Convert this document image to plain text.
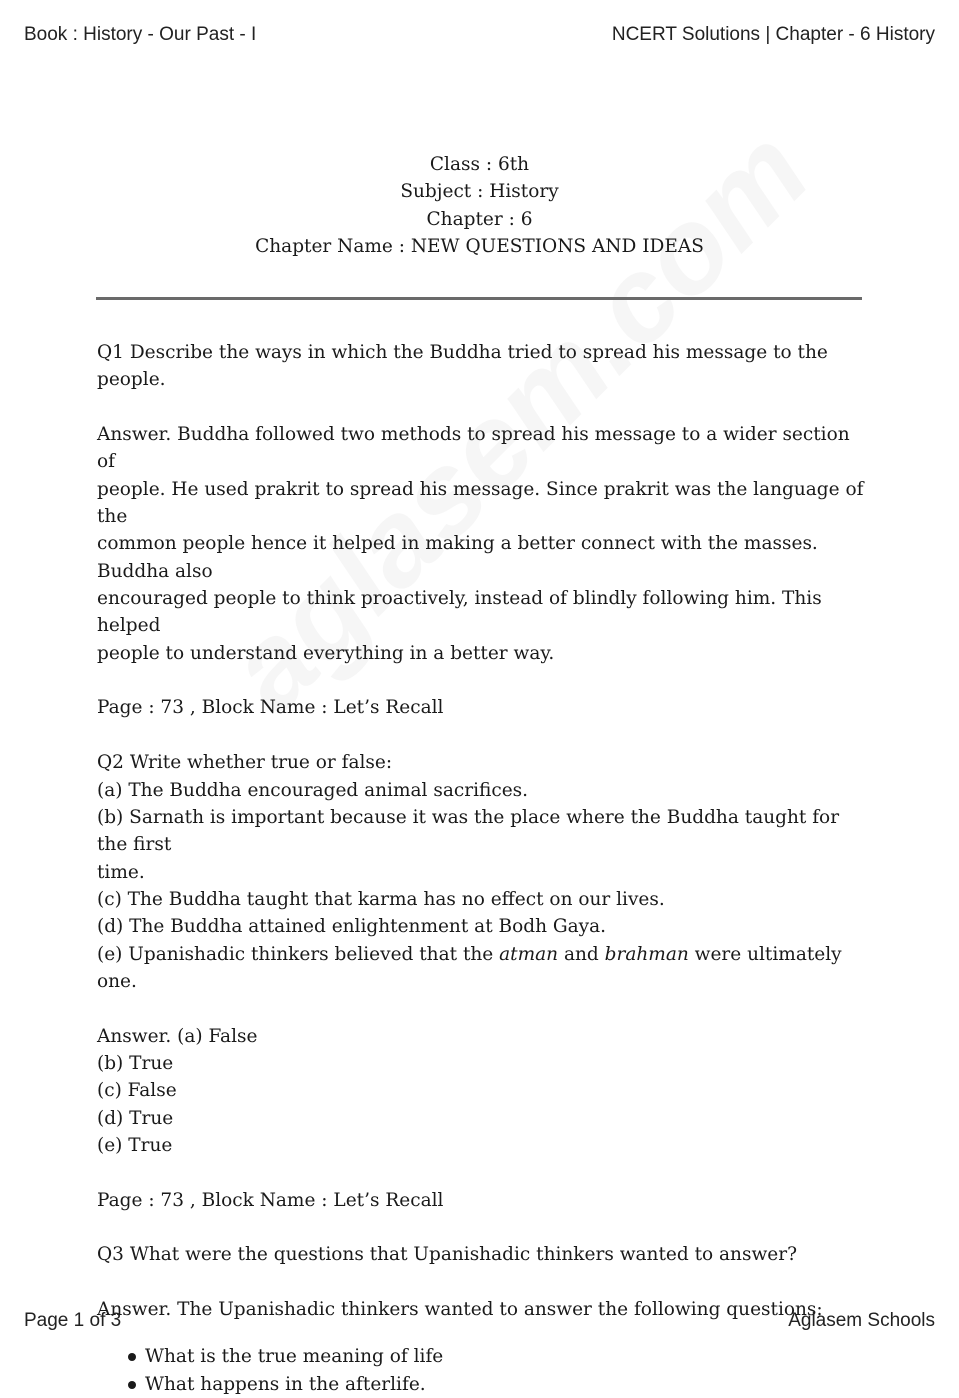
Book : History - Our Past - I	NCERT Solutions | Chapter - 6 History
Class : 6th
Subject : History
Chapter : 6
Chapter Name : NEW QUESTIONS AND IDEAS

Q1 Describe the ways in which the Buddha tried to spread his message to the people.

Answer. Buddha followed two methods to spread his message to a wider section of

people. He used prakrit to spread his message. Since prakrit was the language of the

common people hence it helped in making a better connect with the masses. Buddha also

encouraged people to think proactively, instead of blindly following him. This helped

people to understand everything in a better way.

Page : 73 , Block Name : Let’s Recall

Q2 Write whether true or false:

(a) The Buddha encouraged animal sacrifices.

(b) Sarnath is important because it was the place where the Buddha taught for the first

time.

(c) The Buddha taught that karma has no effect on our lives.

(d) The Buddha attained enlightenment at Bodh Gaya.

(e) Upanishadic thinkers believed that the atman and brahman were ultimately one.

Answer. (a) False

(b) True

(c) False

(d) True

(e) True

Page : 73 , Block Name : Let’s Recall

Q3 What were the questions that Upanishadic thinkers wanted to answer?

Answer. The Upanishadic thinkers wanted to answer the following questions:

What is the true meaning of life
What happens in the afterlife.
Page 1 of 3	Aglasem Schools
